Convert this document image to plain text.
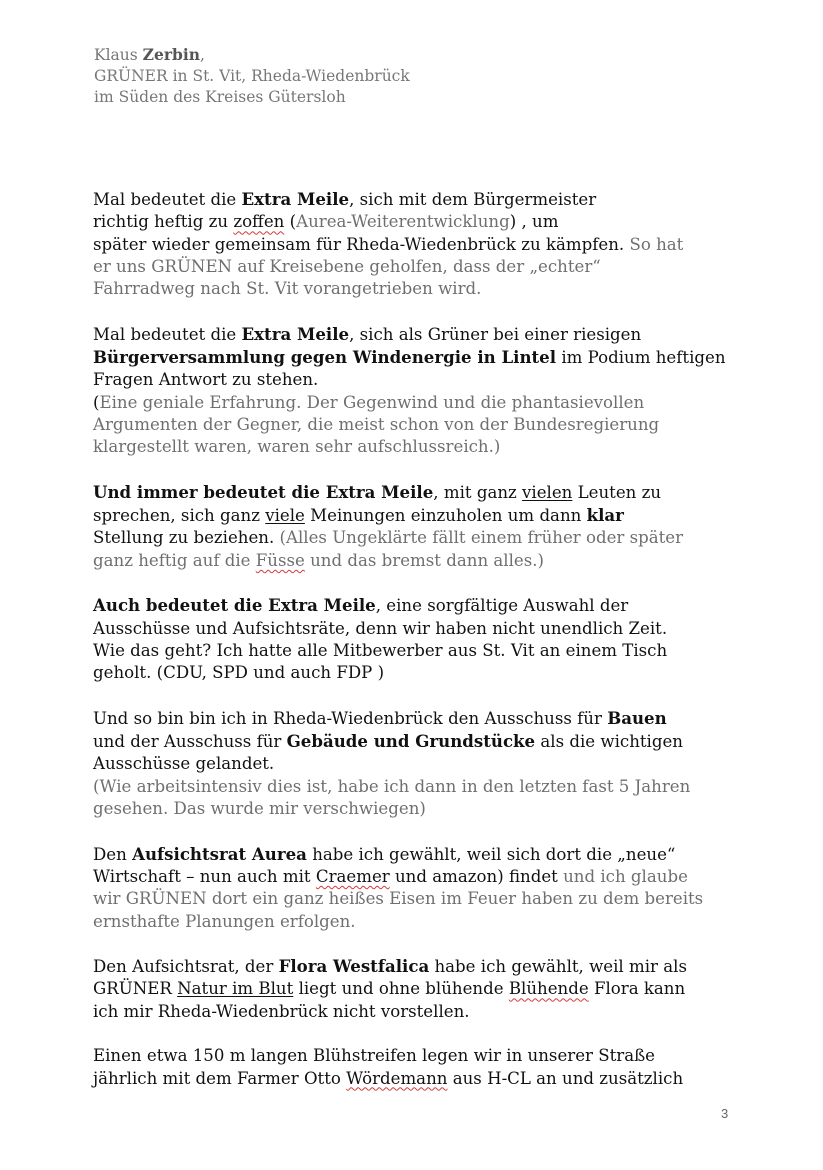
Klaus Zerbin,
GRÜNER in St. Vit, Rheda-Wiedenbrück
im Süden des Kreises Gütersloh

Mal bedeutet die Extra Meile, sich mit dem Bürgermeister
richtig heftig zu zoffen (Aurea-Weiterentwicklung) , um
später wieder gemeinsam für Rheda-Wiedenbrück zu kämpfen. So hat
er uns GRÜNEN auf Kreisebene geholfen, dass der „echter“
Fahrradweg nach St. Vit vorangetrieben wird.

Mal bedeutet die Extra Meile, sich als Grüner bei einer riesigen
Bürgerversammlung gegen Windenergie in Lintel im Podium heftigen
Fragen Antwort zu stehen.
(Eine geniale Erfahrung. Der Gegenwind und die phantasievollen
Argumenten der Gegner, die meist schon von der Bundesregierung
klargestellt waren, waren sehr aufschlussreich.)

Und immer bedeutet die Extra Meile, mit ganz vielen Leuten zu
sprechen, sich ganz viele Meinungen einzuholen um dann klar
Stellung zu beziehen. (Alles Ungeklärte fällt einem früher oder später
ganz heftig auf die Füsse und das bremst dann alles.)

Auch bedeutet die Extra Meile, eine sorgfältige Auswahl der
Ausschüsse und Aufsichtsräte, denn wir haben nicht unendlich Zeit.
Wie das geht? Ich hatte alle Mitbewerber aus St. Vit an einem Tisch
geholt. (CDU, SPD und auch FDP )

Und so bin bin ich in Rheda-Wiedenbrück den Ausschuss für Bauen
und der Ausschuss für Gebäude und Grundstücke als die wichtigen
Ausschüsse gelandet.
(Wie arbeitsintensiv dies ist, habe ich dann in den letzten fast 5 Jahren
gesehen. Das wurde mir verschwiegen)

Den Aufsichtsrat Aurea habe ich gewählt, weil sich dort die „neue“
Wirtschaft – nun auch mit Craemer und amazon) findet und ich glaube
wir GRÜNEN dort ein ganz heißes Eisen im Feuer haben zu dem bereits
ernsthafte Planungen erfolgen.

Den Aufsichtsrat, der Flora Westfalica habe ich gewählt, weil mir als
GRÜNER Natur im Blut liegt und ohne blühende Blühende Flora kann
ich mir Rheda-Wiedenbrück nicht vorstellen.

Einen etwa 150 m langen Blühstreifen legen wir in unserer Straße
jährlich mit dem Farmer Otto Wördemann aus H-CL an und zusätzlich

3
